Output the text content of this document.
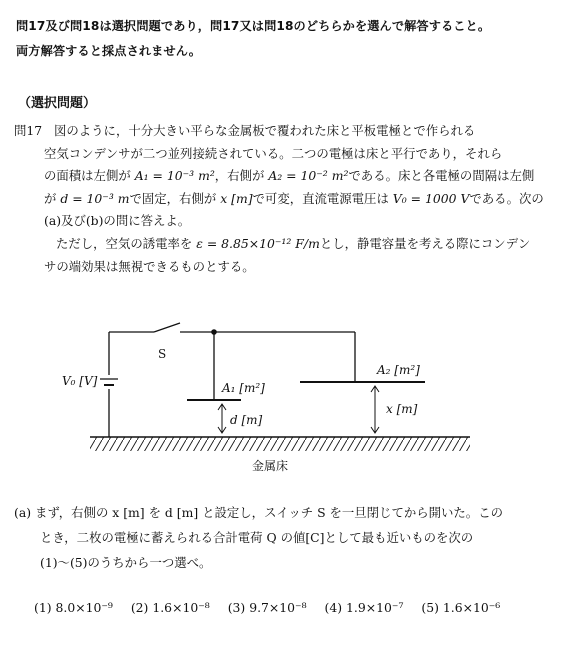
問17及び問18は選択問題であり，問17又は問18のどちらかを選んで解答すること。
両方解答すると採点されません。
（選択問題）
問17 図のように，十分大きい平らな金属板で覆われた床と平板電極とで作られる
空気コンデンサが二つ並列接続されている。二つの電極は床と平行であり，それら
の面積は左側が A₁ = 10⁻³ m²，右側が A₂ = 10⁻² m²である。床と各電極の間隔は左側
が d = 10⁻³ mで固定，右側が x [m]で可変，直流電源電圧は V₀ = 1000 Vである。次の
(a)及び(b)の問に答えよ。
ただし，空気の誘電率を ε = 8.85×10⁻¹² F/mとし，静電容量を考える際にコンデン
サの端効果は無視できるものとする。
S
V₀ [V]	A₁ [m²]
A₂ [m²]
d [m]
x [m]
金属床
(a) まず，右側の x [m] を d [m] と設定し，スイッチ S を一旦閉じてから開いた。この
とき，二枚の電極に蓄えられる合計電荷 Q の値[C]として最も近いものを次の
(1)～(5)のうちから一つ選べ。
(1) 8.0×10⁻⁹ (2) 1.6×10⁻⁸ (3) 9.7×10⁻⁸ (4) 1.9×10⁻⁷ (5) 1.6×10⁻⁶
